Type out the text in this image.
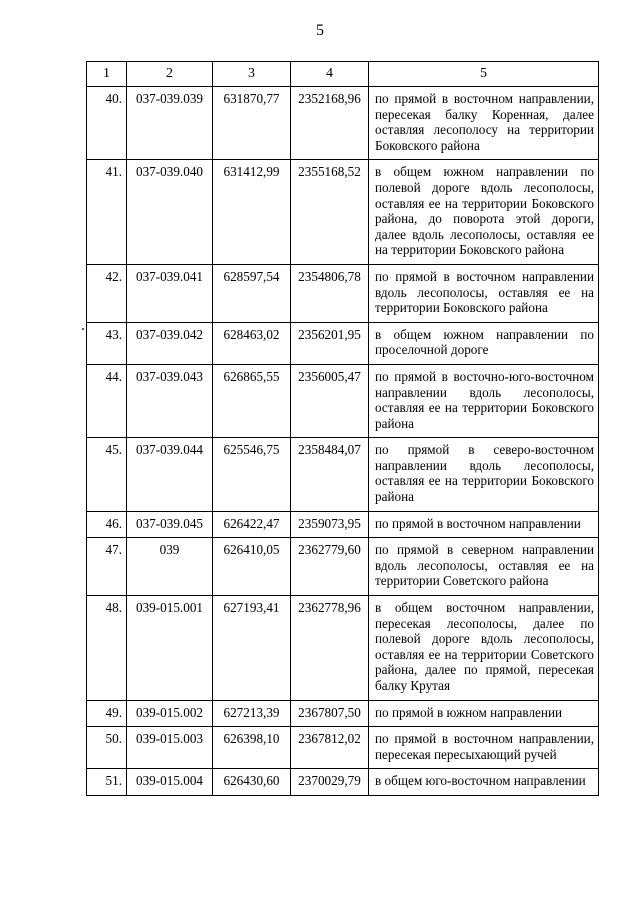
5
1	2	3	4	5
40.	037-039.039	631870,77	2352168,96	по прямой в восточном направлении, пересекая балку Коренная, далее оставляя лесополосу на территории Боковского района
41.	037-039.040	631412,99	2355168,52	в общем южном направлении по полевой дороге вдоль лесополосы, оставляя ее на территории Боковского района, до поворота этой дороги, далее вдоль лесополосы, оставляя ее на территории Боковского района
42.	037-039.041	628597,54	2354806,78	по прямой в восточном направлении вдоль лесополосы, оставляя ее на территории Боковского района
43.	037-039.042	628463,02	2356201,95	в общем южном направлении по проселочной дороге
44.	037-039.043	626865,55	2356005,47	по прямой в восточно-юго-восточном направлении вдоль лесополосы, оставляя ее на территории Боковского района
45.	037-039.044	625546,75	2358484,07	по прямой в северо-восточном направлении вдоль лесополосы, оставляя ее на территории Боковского района
46.	037-039.045	626422,47	2359073,95	по прямой в восточном направлении
47.	039	626410,05	2362779,60	по прямой в северном направлении вдоль лесополосы, оставляя ее на территории Советского района
48.	039-015.001	627193,41	2362778,96	в общем восточном направлении, пересекая лесополосы, далее по полевой дороге вдоль лесополосы, оставляя ее на территории Советского района, далее по прямой, пересекая балку Крутая
49.	039-015.002	627213,39	2367807,50	по прямой в южном направлении
50.	039-015.003	626398,10	2367812,02	по прямой в восточном направлении, пересекая пересыхающий ручей
51.	039-015.004	626430,60	2370029,79	в общем юго-восточном направлении
